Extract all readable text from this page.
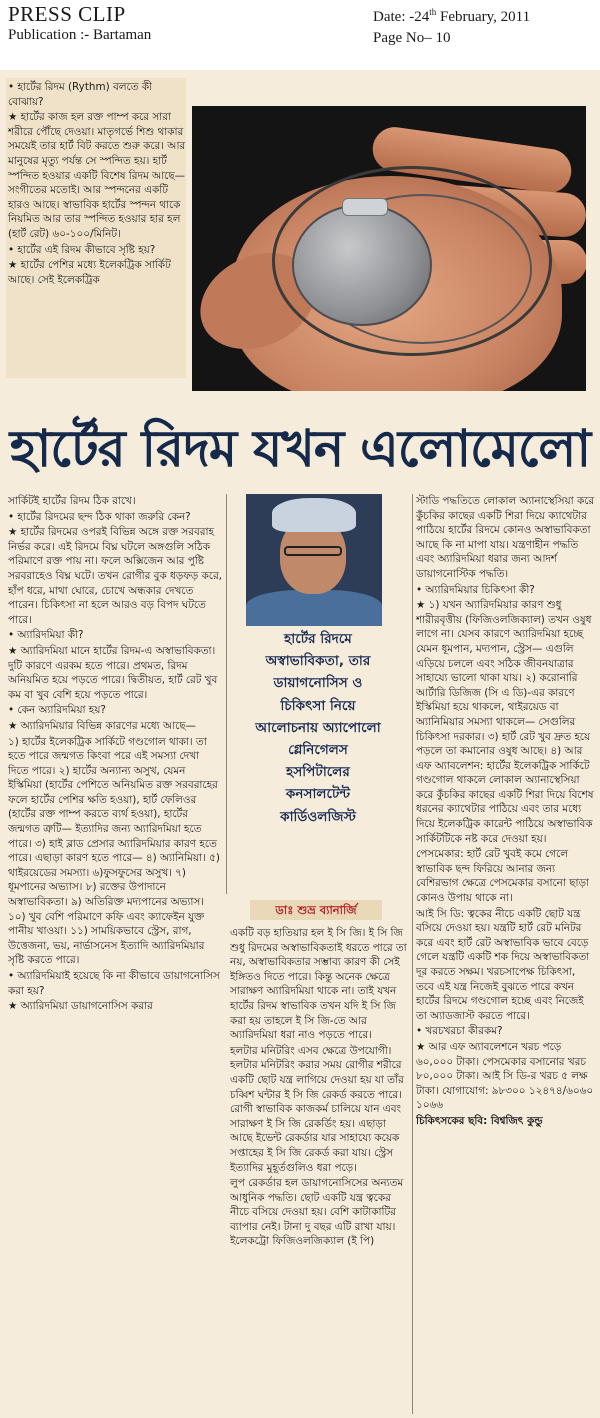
PRESS CLIP
Publication :- Bartaman
Date: -24th February, 2011
Page No– 10

• হার্টের রিদম (Rythm) বলতে কী বোঝায়?

★ হার্টের কাজ হল রক্ত পাম্প করে সারা শরীরে পৌঁছে দেওয়া। মাতৃগর্ভে শিশু থাকার সময়েই তার হার্ট বিট করতে শুরু করে। আর মানুষের মৃত্যু পর্যন্ত সে স্পন্দিত হয়। হার্ট স্পন্দিত হওয়ার একটি বিশেষ রিদম আছে— সংগীতের মতোই। আর স্পন্দনের একটি হারও আছে। স্বাভাবিক হার্টের স্পন্দন থাকে নিয়মিত আর তার স্পন্দিত হওয়ার হার হল (হার্ট রেট) ৬০-১০০/মিনিট।

• হার্টের এই রিদম কীভাবে সৃষ্টি হয়?

★ হার্টের পেশির মধ্যে ইলেকট্রিক সার্কিট আছে। সেই ইলেকট্রিক

হার্টের রিদম যখন এলোমেলো

সার্কিটই হার্টের রিদম ঠিক রাখে।

• হার্টের রিদমের ছন্দ ঠিক থাকা জরুরি কেন?

★ হার্টের রিদমের ওপরই বিভিন্ন অঙ্গে রক্ত সরবরাহ নির্ভর করে। এই রিদমে বিঘ্ন ঘটলে অঙ্গগুলি সঠিক পরিমাণে রক্ত পায় না। ফলে অক্সিজেন আর পুষ্টি সরবরাহেও বিঘ্ন ঘটে। তখন রোগীর বুক ধড়ফড় করে, হাঁপ ধরে, মাথা ঘোরে, চোখে অন্ধকার দেখতে পারেন। চিকিৎসা না হলে আরও বড় বিপদ ঘটতে পারে।

• অ্যারিদমিয়া কী?

★ অ্যারিদমিয়া মানে হার্টের রিদম-এ অস্বাভাবিকতা। দুটি কারণে এরকম হতে পারে। প্রথমত, রিদম অনিয়মিত হয়ে পড়তে পারে। দ্বিতীয়ত, হার্ট রেট খুব কম বা খুব বেশি হয়ে পড়তে পারে।

• কেন অ্যারিদমিয়া হয়?

★ অ্যারিদমিয়ার বিভিন্ন কারণের মধ্যে আছে—

১) হার্টের ইলেকট্রিক সার্কিটে গণ্ডগোল থাকা। তা হতে পারে জন্মগত কিংবা পরে এই সমস্যা দেখা দিতে পারে। ২) হার্টের অন্যান্য অসুখ, যেমন ইস্কিমিয়া (হার্টের পেশিতে অনিয়মিত রক্ত সরবরাহের ফলে হার্টের পেশির ক্ষতি হওয়া), হার্ট ফেলিওর (হার্টের রক্ত পাম্প করতে ব্যর্থ হওয়া), হার্টের জন্মগত ত্রুটি— ইত্যাদির জন্য অ্যারিদমিয়া হতে পারে। ৩) হাই ব্লাড প্রেসার অ্যারিদমিয়ার কারণ হতে পারে। এছাড়া কারণ হতে পারে— ৪) অ্যানিমিয়া। ৫) থাইরয়েডের সমস্যা। ৬)ফুসফুসের অসুখ। ৭) ধূমপানের অভ্যাস। ৮) রক্তের উপাদানে অস্বাভাবিকতা। ৯) অতিরিক্ত মদ্যপানের অভ্যাস। ১০) খুব বেশি পরিমাণে কফি এবং ক্যাফেইন যুক্ত পানীয় খাওয়া। ১১) সাময়িকভাবে স্ট্রেস, রাগ, উত্তেজনা, ভয়, নার্ভাসনেস ইত্যাদি অ্যারিদমিয়ার সৃষ্টি করতে পারে।

• অ্যারিদমিয়াই হয়েছে কি না কীভাবে ডায়াগনোসিস করা হয়?

★ অ্যারিদমিয়া ডায়াগনোসিস করার

হার্টের রিদমে
অস্বাভাবিকতা, তার
ডায়াগনোসিস ও
চিকিৎসা নিয়ে
আলোচনায় অ্যাপোলো
গ্লেনিগেলস
হসপিটালের
কনসালটেন্ট
কার্ডিওলজিস্ট
ডাঃ শুভ্র ব্যানার্জি

একটি বড় হাতিয়ার হল ই সি জি। ই সি জি শুধু রিদমের অস্বাভাবিকতাই ধরতে পারে তা নয়, অস্বাভাবিকতার সম্ভাব্য কারণ কী সেই ইঙ্গিতও দিতে পারে। কিন্তু অনেক ক্ষেত্রে সারাক্ষণ অ্যারিদমিয়া থাকে না। তাই যখন হার্টের রিদম স্বাভাবিক তখন যদি ই সি জি করা হয় তাহলে ই সি জি-তে আর অ্যারিদমিয়া ধরা নাও পড়তে পারে।

হলটার মনিটরিং এসব ক্ষেত্রে উপযোগী। হলটার মনিটরিং করার সময় রোগীর শরীরে একটি ছোট যন্ত্র লাগিয়ে দেওয়া হয় যা তাঁর চব্বিশ ঘন্টার ই সি জি রেকর্ড করতে পারে। রোগী স্বাভাবিক কাজকর্ম চালিয়ে যান এবং সারাক্ষণ ই সি জি রেকর্ডিং হয়। এছাড়া আছে ইভেন্ট রেকর্ডার যার সাহায্যে কয়েক সপ্তাহের ই সি জি রেকর্ড করা যায়। স্ট্রেস ইত্যাদির মুহূর্তগুলিও ধরা পড়ে।

লুপ রেকর্ডার হল ডায়াগনোসিসের অন্যতম আধুনিক পদ্ধতি। ছোট একটি যন্ত্র ত্বকের নীচে বসিয়ে দেওয়া হয়। বেশি কাটাকাটির ব্যাপার নেই। টানা দু বছর এটি রাখা যায়। ইলেকট্রো ফিজিওলজিক্যাল (ই পি)

স্টাডি পদ্ধতিতে লোকাল অ্যানাস্থেসিয়া করে কুঁচকির কাছের একটি শিরা দিয়ে ক্যাথেটার পাঠিয়ে হার্টের রিদমে কোনও অস্বাভাবিকতা আছে কি না মাপা যায়। যন্ত্রণাহীন পদ্ধতি এবং অ্যারিদমিয়া ধরার জন্য আদর্শ ডায়াগনোস্টিক পদ্ধতি।

• অ্যারিদমিয়ার চিকিৎসা কী?

★ ১) যখন অ্যারিদমিয়ার কারণ শুধু শারীরবৃত্তীয় (ফিজিওলজিক্যাল) তখন ওষুধ লাগে না। যেসব কারণে অ্যারিদমিয়া হচ্ছে যেমন ধূমপান, মদ্যপান, স্ট্রেস— এগুলি এড়িয়ে চললে এবং সঠিক জীবনযাত্রার সাহায্যে ভালো থাকা যায়। ২) করোনারি আর্টারি ডিজিজ (সি এ ডি)-এর কারণে ইস্কিমিয়া হয়ে থাকলে, থাইরয়েড বা অ্যানিমিয়ার সমস্যা থাকলে— সেগুলির চিকিৎসা দরকার। ৩) হার্ট রেট খুব দ্রুত হয়ে পড়লে তা কমানোর ওষুধ আছে। ৪) আর এফ অ্যাবলেশন: হার্টের ইলেকট্রিক সার্কিটে গণ্ডগোল থাকলে লোকাল অ্যানাস্থেসিয়া করে কুঁচকির কাছের একটি শিরা দিয়ে বিশেষ ধরনের ক্যাথেটার পাঠিয়ে এবং তার মধ্যে দিয়ে ইলেকট্রিক কারেন্ট পাঠিয়ে অস্বাভাবিক সার্কিটটিকে নষ্ট করে দেওয়া হয়।

পেসমেকার: হার্ট রেট খুবই কমে গেলে স্বাভাবিক ছন্দ ফিরিয়ে আনার জন্য বেশিরভাগ ক্ষেত্রে পেসমেকার বসানো ছাড়া কোনও উপায় থাকে না।

আই সি ডি: ত্বকের নীচে একটি ছোট যন্ত্র বসিয়ে দেওয়া হয়। যন্ত্রটি হার্ট রেট মনিটর করে এবং হার্ট রেট অস্বাভাবিক ভাবে বেড়ে গেলে যন্ত্রটি একটি শক দিয়ে অস্বাভাবিকতা দূর করতে সক্ষম। খরচসাপেক্ষ চিকিৎসা, তবে এই যন্ত্র নিজেই বুঝতে পারে কখন হার্টের রিদমে গণ্ডগোল হচ্ছে এবং নিজেই তা অ্যাডজাস্ট করতে পারে।

• খরচখরচা কীরকম?

★ আর এফ অ্যাবলেশনে খরচ পড়ে ৬০,০০০ টাকা। পেসমেকার বসানোর খরচ ৮০,০০০ টাকা। আই সি ডি-র খরচ ৫ লক্ষ টাকা। যোগাযোগ: ৯৮৩০০ ১২৪৭৪/৬০৬০ ১০৬৬

চিকিৎসকের ছবি: বিশ্বজিৎ কুন্ডু
